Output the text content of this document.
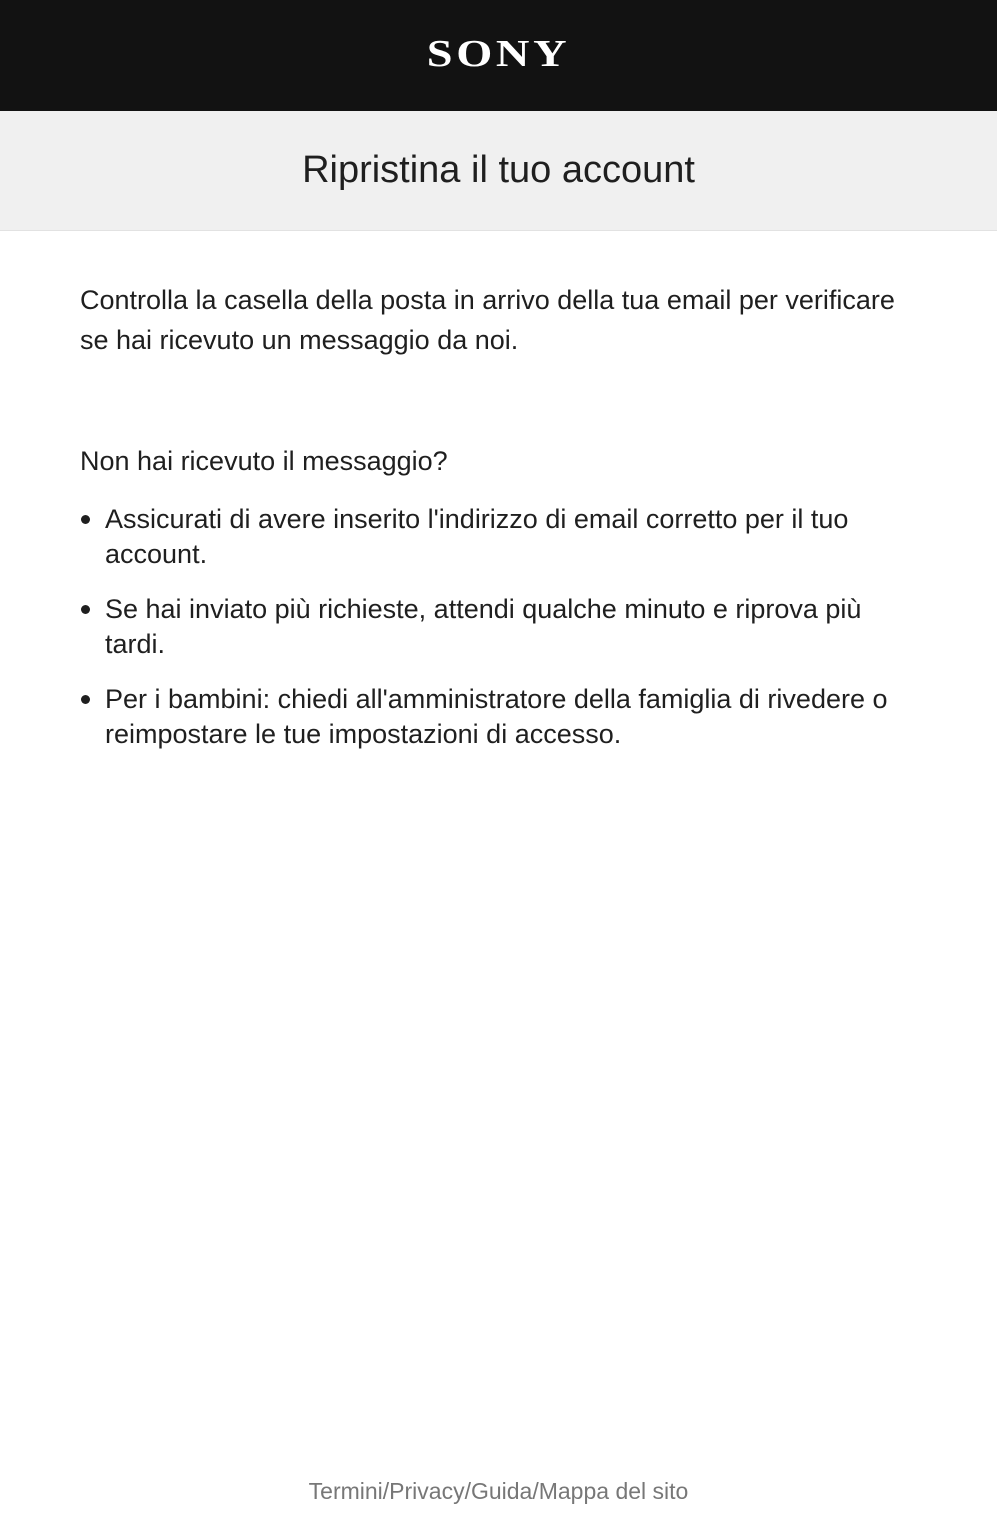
SONY
Ripristina il tuo account

Controlla la casella della posta in arrivo della tua email per verificare se hai ricevuto un messaggio da noi.

Non hai ricevuto il messaggio?

Assicurati di avere inserito l'indirizzo di email corretto per il tuo account.
Se hai inviato più richieste, attendi qualche minuto e riprova più tardi.
Per i bambini: chiedi all'amministratore della famiglia di rivedere o reimpostare le tue impostazioni di accesso.
Termini/Privacy/Guida/Mappa del sito
